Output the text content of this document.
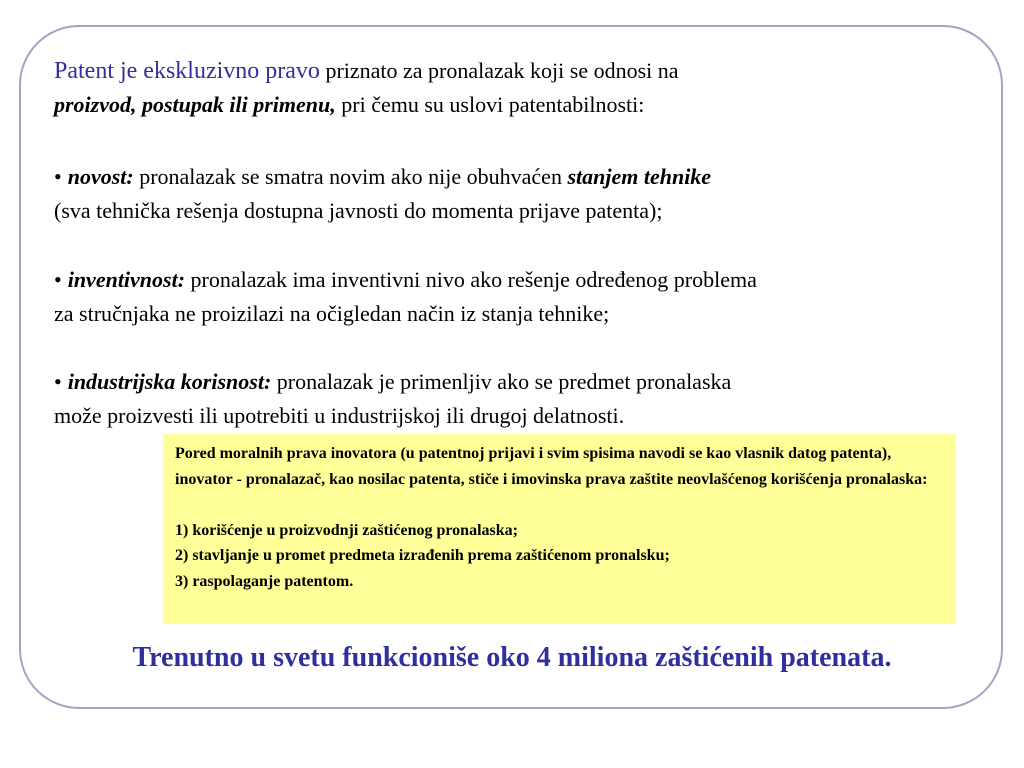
Patent je ekskluzivno pravo priznato za pronalazak koji se odnosi na
proizvod, postupak ili primenu, pri čemu su uslovi patentabilnosti:
• novost: pronalazak se smatra novim ako nije obuhvaćen stanjem tehnike
(sva tehnička rešenja dostupna javnosti do momenta prijave patenta);
• inventivnost: pronalazak ima inventivni nivo ako rešenje određenog problema
za stručnjaka ne proizilazi na očigledan način iz stanja tehnike;
• industrijska korisnost: pronalazak je primenljiv ako se predmet pronalaska
može proizvesti ili upotrebiti u industrijskoj ili drugoj delatnosti.

Pored moralnih prava inovatora (u patentnoj prijavi i svim spisima navodi se kao vlasnik datog patenta), inovator - pronalazač, kao nosilac patenta, stiče i imovinska prava zaštite neovlašćenog korišćenja pronalaska:

1) korišćenje u proizvodnji zaštićenog pronalaska;

2) stavljanje u promet predmeta izrađenih prema zaštićenom pronalsku;

3) raspolaganje patentom.

Trenutno u svetu funkcioniše oko 4 miliona zaštićenih patenata.
